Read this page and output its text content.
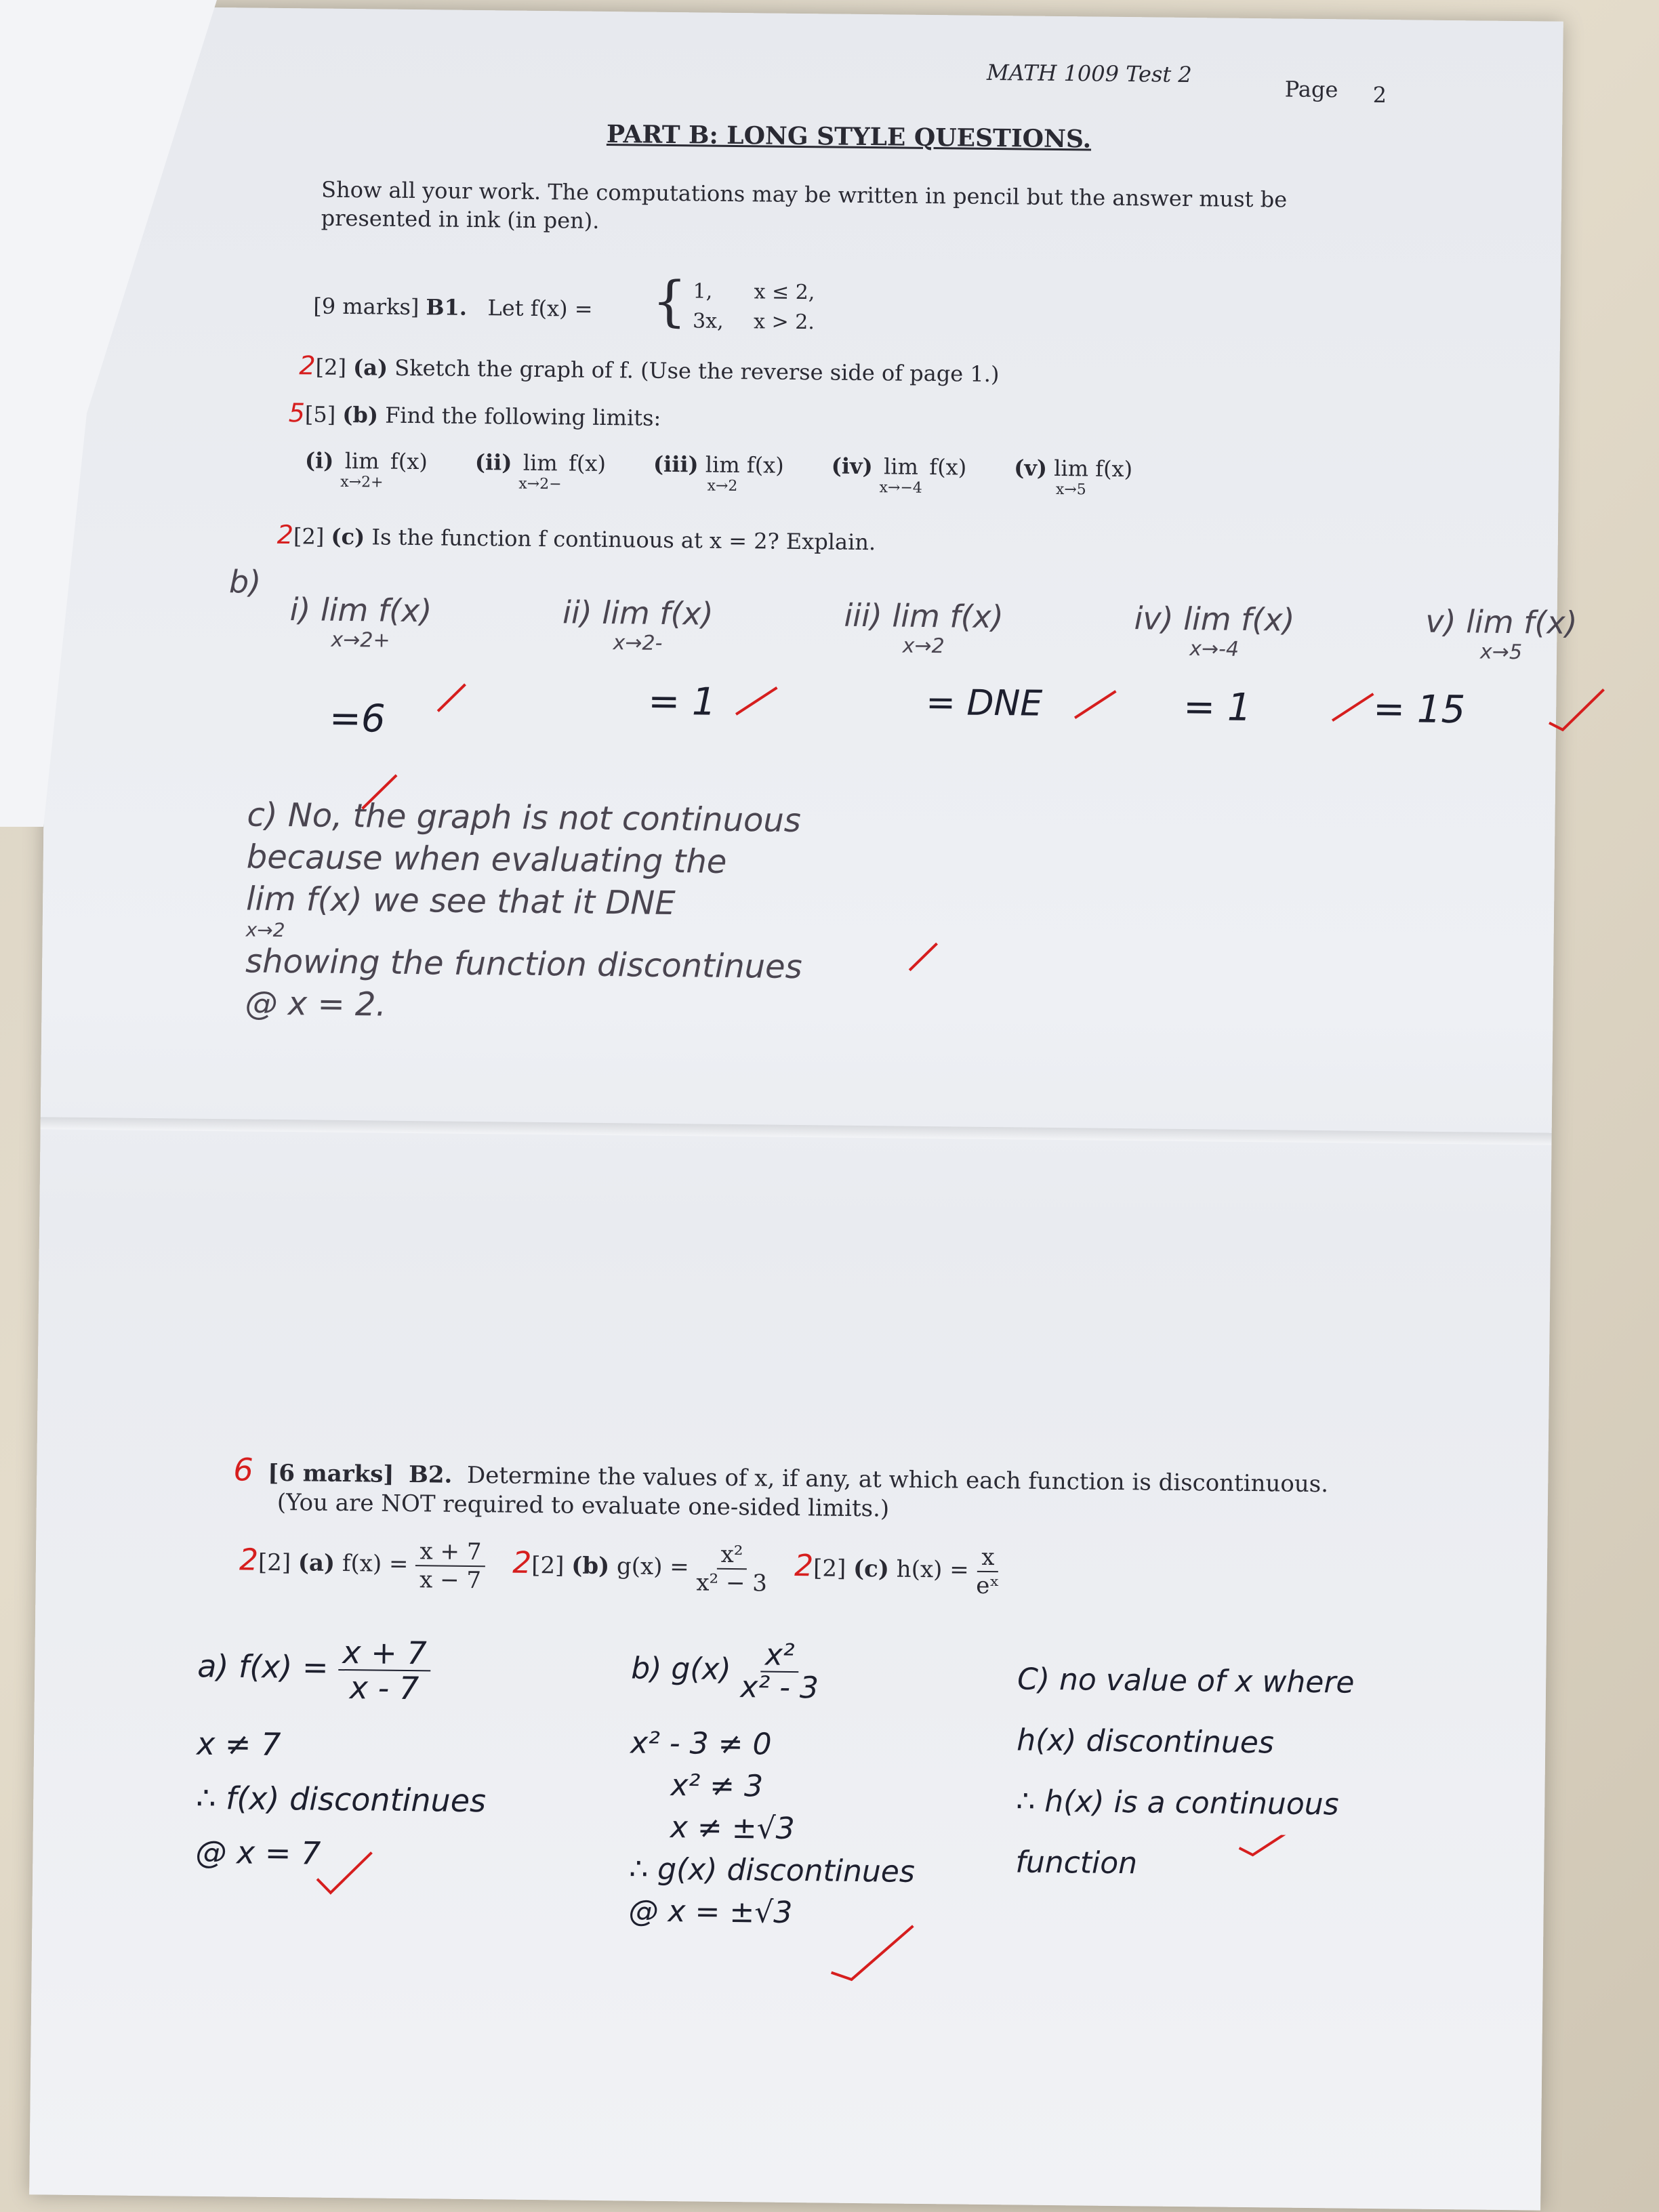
MATH 1009 Test 2
Page 2
PART B: LONG STYLE QUESTIONS.
Show all your work. The computations may be written in pencil but the answer must be
presented in ink (in pen).
[9 marks] B1. Let f(x) = { 1, x ≤ 2,
3x, x > 2.
2[2] (a) Sketch the graph of f. (Use the reverse side of page 1.)
5[5] (b) Find the following limits:
(i) lim
x→2+
f(x) (ii) lim
x→2−
f(x) (iii) lim
x→2
f(x) (iv) lim
x→−4
f(x) (v) lim
x→5
f(x)
2[2] (c) Is the function f continuous at x = 2? Explain.
b)
i) lim f(x)
x→2+
ii) lim f(x)
x→2-
iii) lim f(x)
x→2
iv) lim f(x)
x→-4
v) lim f(x)
x→5
=6	= 1	= DNE	= 1	= 15
c) No, the graph is not continuous
because when evaluating the
lim f(x) we see that it DNE
x→2
showing the function discontinues
@ x = 2.
6 [6 marks] B2. Determine the values of x, if any, at which each function is discontinuous.
(You are NOT required to evaluate one-sided limits.)
2[2] (a) $f(x) = \frac{x + 7}{x - 7} 2[2]$ (b) $g(x) = \frac{\text{x²}}{\text{x² − 3}} 2[2]$ (c) $h(x) = \frac{x}{\text{eˣ}}$
a) $f(x) = \frac{x + 7}{x - 7}$
x ≠ 7
∴ f(x) discontinues
@ x = 7
b) $g(x) \frac{\text{x²}}{\text{x² - 3}}$
x² - 3 ≠ 0
x² ≠ 3
x ≠ ±√3
∴ g(x) discontinues
@ x = ±√3
C) no value of x where
h(x) discontinues
∴ h(x) is a continuous
function
